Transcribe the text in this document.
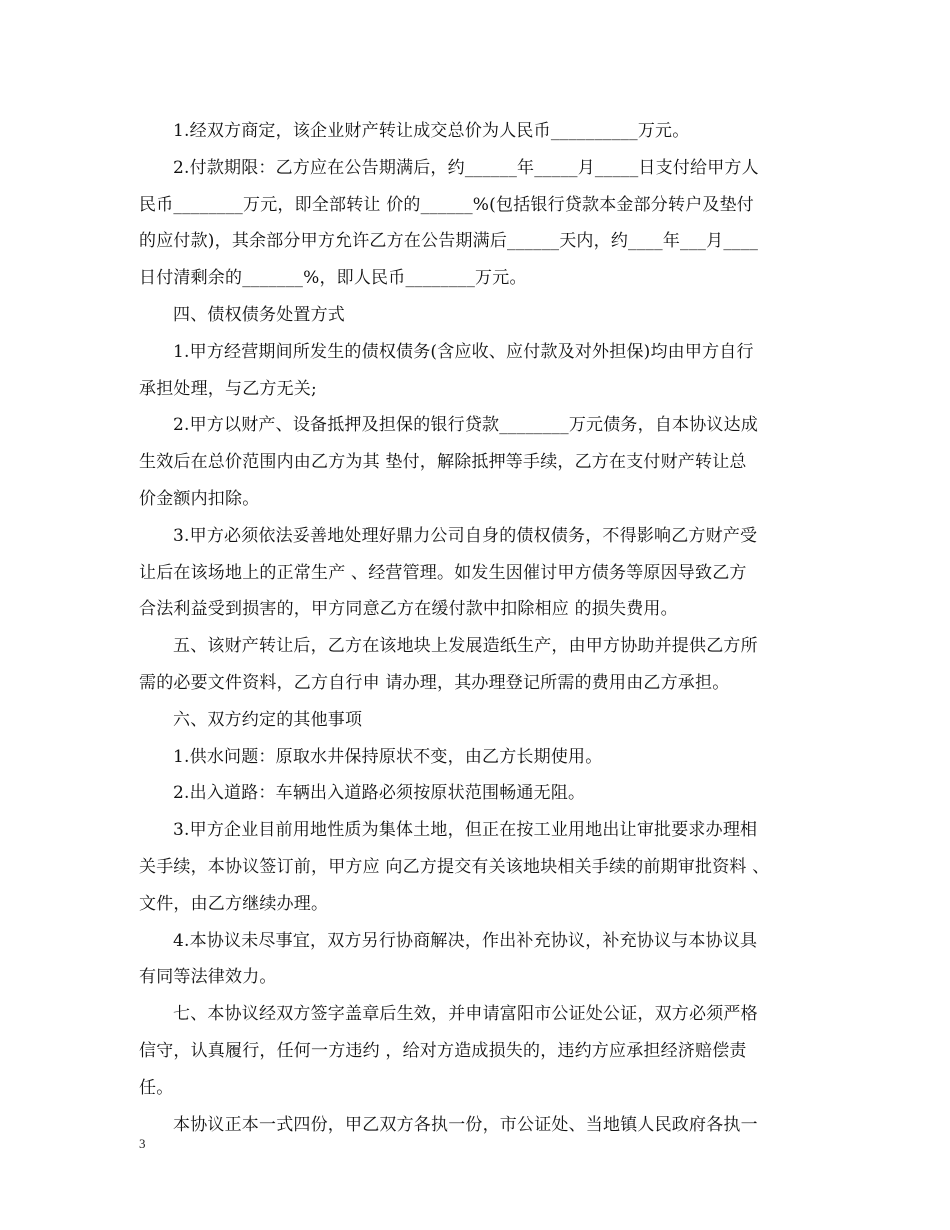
1.经双方商定，该企业财产转让成交总价为人民币__________万元。
2.付款期限：乙方应在公告期满后，约______年_____月_____日支付给甲方人
民币________万元，即全部转让 价的______%(包括银行贷款本金部分转户及垫付
的应付款)，其余部分甲方允许乙方在公告期满后______天内，约____年___月____
日付清剩余的_______%，即人民币________万元。
四、债权债务处置方式
1.甲方经营期间所发生的债权债务(含应收、应付款及对外担保)均由甲方自行
承担处理，与乙方无关;
2.甲方以财产、设备抵押及担保的银行贷款________万元债务，自本协议达成
生效后在总价范围内由乙方为其 垫付，解除抵押等手续，乙方在支付财产转让总
价金额内扣除。
3.甲方必须依法妥善地处理好鼎力公司自身的债权债务，不得影响乙方财产受
让后在该场地上的正常生产 、经营管理。如发生因催讨甲方债务等原因导致乙方
合法利益受到损害的，甲方同意乙方在缓付款中扣除相应 的损失费用。
五、该财产转让后，乙方在该地块上发展造纸生产，由甲方协助并提供乙方所
需的必要文件资料，乙方自行申 请办理，其办理登记所需的费用由乙方承担。
六、双方约定的其他事项
1.供水问题：原取水井保持原状不变，由乙方长期使用。
2.出入道路：车辆出入道路必须按原状范围畅通无阻。
3.甲方企业目前用地性质为集体土地，但正在按工业用地出让审批要求办理相
关手续，本协议签订前，甲方应 向乙方提交有关该地块相关手续的前期审批资料 、
文件，由乙方继续办理。
4.本协议未尽事宜，双方另行协商解决，作出补充协议，补充协议与本协议具
有同等法律效力。
七、本协议经双方签字盖章后生效，并申请富阳市公证处公证，双方必须严格
信守，认真履行，任何一方违约 ，给对方造成损失的，违约方应承担经济赔偿责
任。
本协议正本一式四份，甲乙双方各执一份，市公证处、当地镇人民政府各执一
3
